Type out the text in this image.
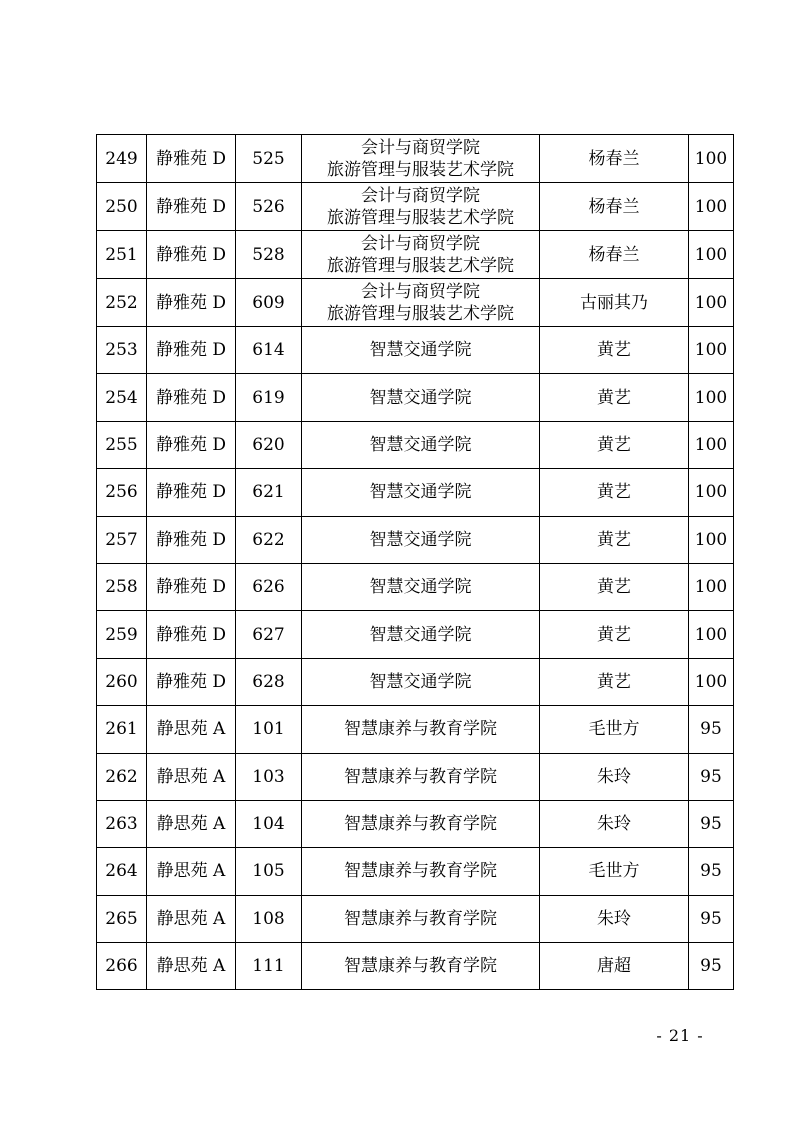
249	静雅苑 D	525	会计与商贸学院
旅游管理与服装艺术学院	杨春兰	100
250	静雅苑 D	526	会计与商贸学院
旅游管理与服装艺术学院	杨春兰	100
251	静雅苑 D	528	会计与商贸学院
旅游管理与服装艺术学院	杨春兰	100
252	静雅苑 D	609	会计与商贸学院
旅游管理与服装艺术学院	古丽其乃	100
253	静雅苑 D	614	智慧交通学院	黄艺	100
254	静雅苑 D	619	智慧交通学院	黄艺	100
255	静雅苑 D	620	智慧交通学院	黄艺	100
256	静雅苑 D	621	智慧交通学院	黄艺	100
257	静雅苑 D	622	智慧交通学院	黄艺	100
258	静雅苑 D	626	智慧交通学院	黄艺	100
259	静雅苑 D	627	智慧交通学院	黄艺	100
260	静雅苑 D	628	智慧交通学院	黄艺	100
261	静思苑 A	101	智慧康养与教育学院	毛世方	95
262	静思苑 A	103	智慧康养与教育学院	朱玲	95
263	静思苑 A	104	智慧康养与教育学院	朱玲	95
264	静思苑 A	105	智慧康养与教育学院	毛世方	95
265	静思苑 A	108	智慧康养与教育学院	朱玲	95
266	静思苑 A	111	智慧康养与教育学院	唐超	95
- 21 -
